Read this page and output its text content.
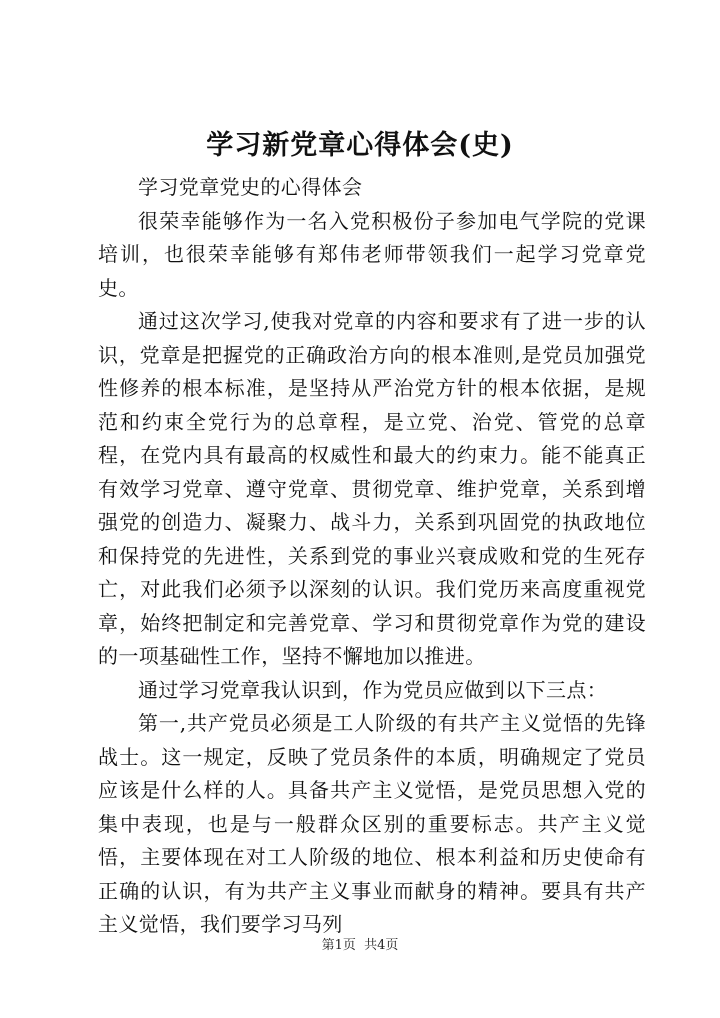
学习新党章心得体会(史)

学习党章党史的心得体会

很荣幸能够作为一名入党积极份子参加电气学院的党课培训，也很荣幸能够有郑伟老师带领我们一起学习党章党史。

通过这次学习,使我对党章的内容和要求有了进一步的认识，党章是把握党的正确政治方向的根本准则,是党员加强党性修养的根本标准，是坚持从严治党方针的根本依据，是规范和约束全党行为的总章程，是立党、治党、管党的总章程，在党内具有最高的权威性和最大的约束力。能不能真正有效学习党章、遵守党章、贯彻党章、维护党章，关系到增强党的创造力、凝聚力、战斗力，关系到巩固党的执政地位和保持党的先进性，关系到党的事业兴衰成败和党的生死存亡，对此我们必须予以深刻的认识。我们党历来高度重视党章，始终把制定和完善党章、学习和贯彻党章作为党的建设的一项基础性工作，坚持不懈地加以推进。

通过学习党章我认识到，作为党员应做到以下三点：

第一,共产党员必须是工人阶级的有共产主义觉悟的先锋战士。这一规定，反映了党员条件的本质，明确规定了党员应该是什么样的人。具备共产主义觉悟，是党员思想入党的集中表现，也是与一般群众区别的重要标志。共产主义觉悟，主要体现在对工人阶级的地位、根本利益和历史使命有正确的认识，有为共产主义事业而献身的精神。要具有共产主义觉悟，我们要学习马列

第1页 共4页
